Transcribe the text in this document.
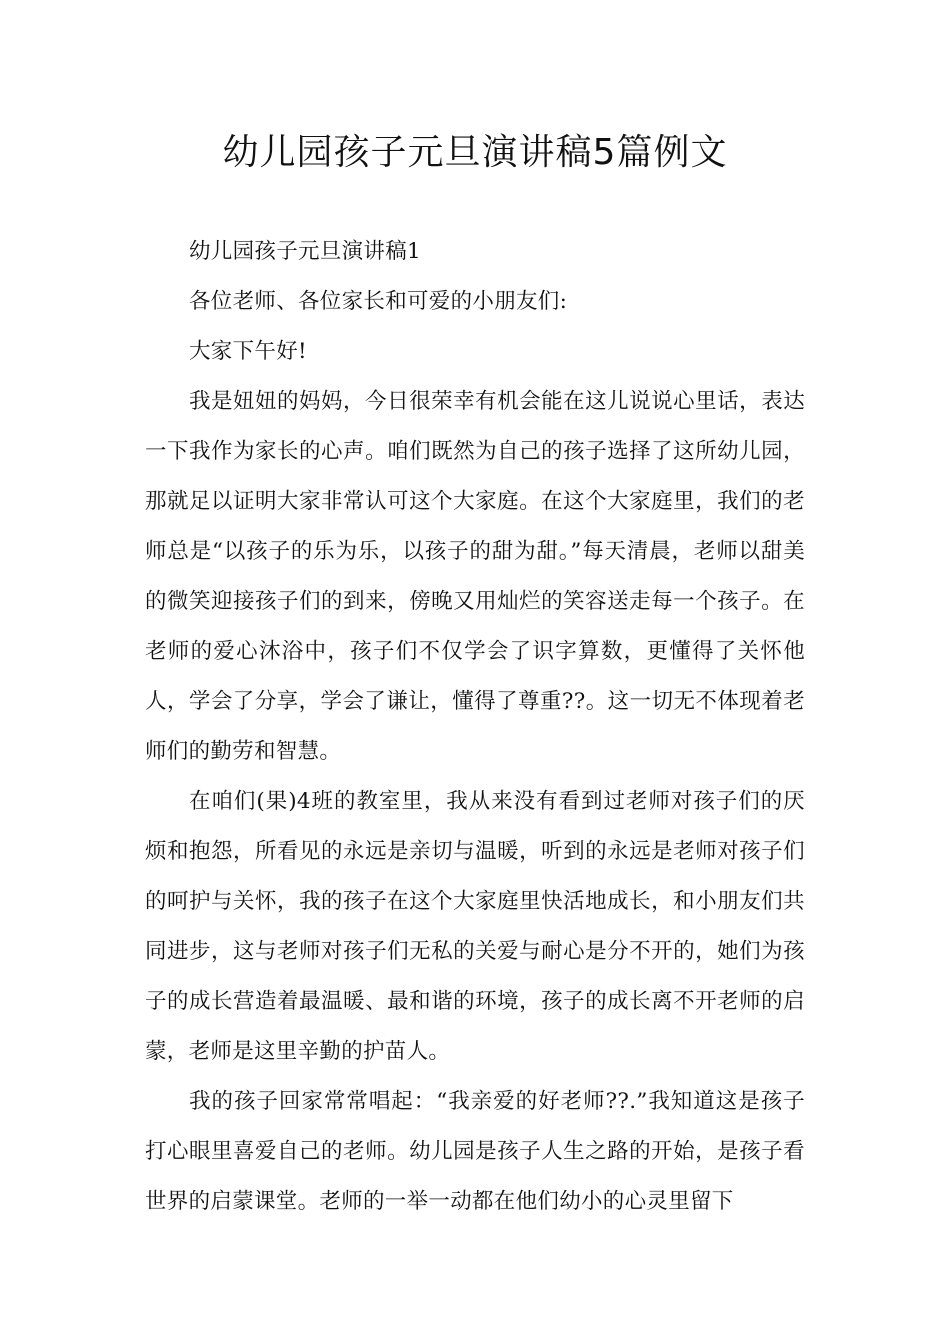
幼儿园孩子元旦演讲稿5篇例文

幼儿园孩子元旦演讲稿1

各位老师、各位家长和可爱的小朋友们:

大家下午好!

我是妞妞的妈妈，今日很荣幸有机会能在这儿说说心里话，表达一下我作为家长的心声。咱们既然为自己的孩子选择了这所幼儿园，那就足以证明大家非常认可这个大家庭。在这个大家庭里，我们的老师总是“以孩子的乐为乐，以孩子的甜为甜。”每天清晨，老师以甜美的微笑迎接孩子们的到来，傍晚又用灿烂的笑容送走每一个孩子。在老师的爱心沐浴中，孩子们不仅学会了识字算数，更懂得了关怀他人，学会了分享，学会了谦让，懂得了尊重??。这一切无不体现着老师们的勤劳和智慧。

在咱们(果)4班的教室里，我从来没有看到过老师对孩子们的厌烦和抱怨，所看见的永远是亲切与温暖，听到的永远是老师对孩子们的呵护与关怀，我的孩子在这个大家庭里快活地成长，和小朋友们共同进步，这与老师对孩子们无私的关爱与耐心是分不开的，她们为孩子的成长营造着最温暖、最和谐的环境，孩子的成长离不开老师的启蒙，老师是这里辛勤的护苗人。

我的孩子回家常常唱起：“我亲爱的好老师??.”我知道这是孩子打心眼里喜爱自己的老师。幼儿园是孩子人生之路的开始，是孩子看世界的启蒙课堂。老师的一举一动都在他们幼小的心灵里留下
